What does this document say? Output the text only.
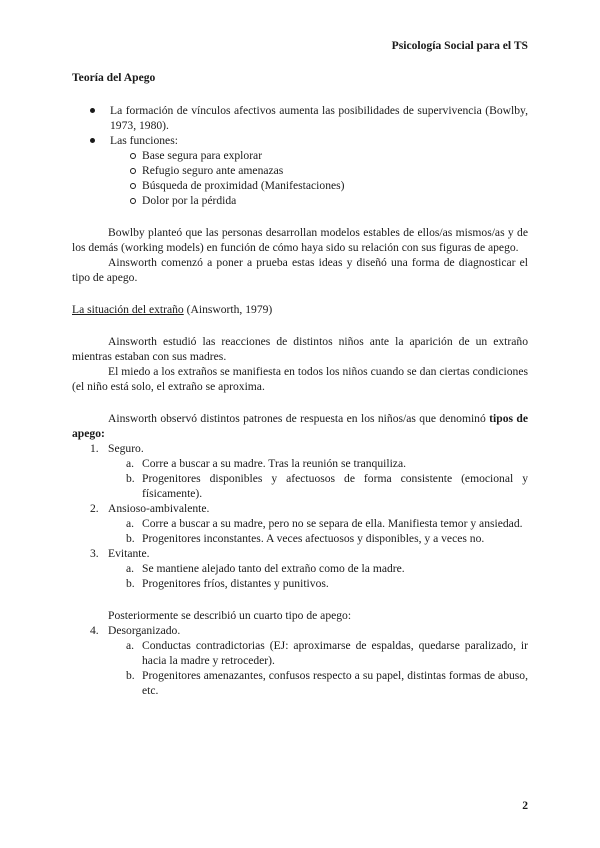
Psicología Social para el TS
Teoría del Apego
La formación de vínculos afectivos aumenta las posibilidades de supervivencia (Bowlby, 1973, 1980).
Las funciones:
Base segura para explorar
Refugio seguro ante amenazas
Búsqueda de proximidad (Manifestaciones)
Dolor por la pérdida

Bowlby planteó que las personas desarrollan modelos estables de ellos/as mismos/as y de los demás (working models) en función de cómo haya sido su relación con sus figuras de apego.

Ainsworth comenzó a poner a prueba estas ideas y diseñó una forma de diagnosticar el tipo de apego.

La situación del extraño (Ainsworth, 1979)

Ainsworth estudió las reacciones de distintos niños ante la aparición de un extraño mientras estaban con sus madres.

El miedo a los extraños se manifiesta en todos los niños cuando se dan ciertas condiciones (el niño está solo, el extraño se aproxima.

Ainsworth observó distintos patrones de respuesta en los niños/as que denominó tipos de apego:

1. Seguro.
a. Corre a buscar a su madre. Tras la reunión se tranquiliza.
b. Progenitores disponibles y afectuosos de forma consistente (emocional y físicamente).
2. Ansioso-ambivalente.
a. Corre a buscar a su madre, pero no se separa de ella. Manifiesta temor y ansiedad.
b. Progenitores inconstantes. A veces afectuosos y disponibles, y a veces no.
3. Evitante.
a. Se mantiene alejado tanto del extraño como de la madre.
b. Progenitores fríos, distantes y punitivos.

Posteriormente se describió un cuarto tipo de apego:

4. Desorganizado.
a. Conductas contradictorias (EJ: aproximarse de espaldas, quedarse paralizado, ir hacia la madre y retroceder).
b. Progenitores amenazantes, confusos respecto a su papel, distintas formas de abuso, etc.
2
